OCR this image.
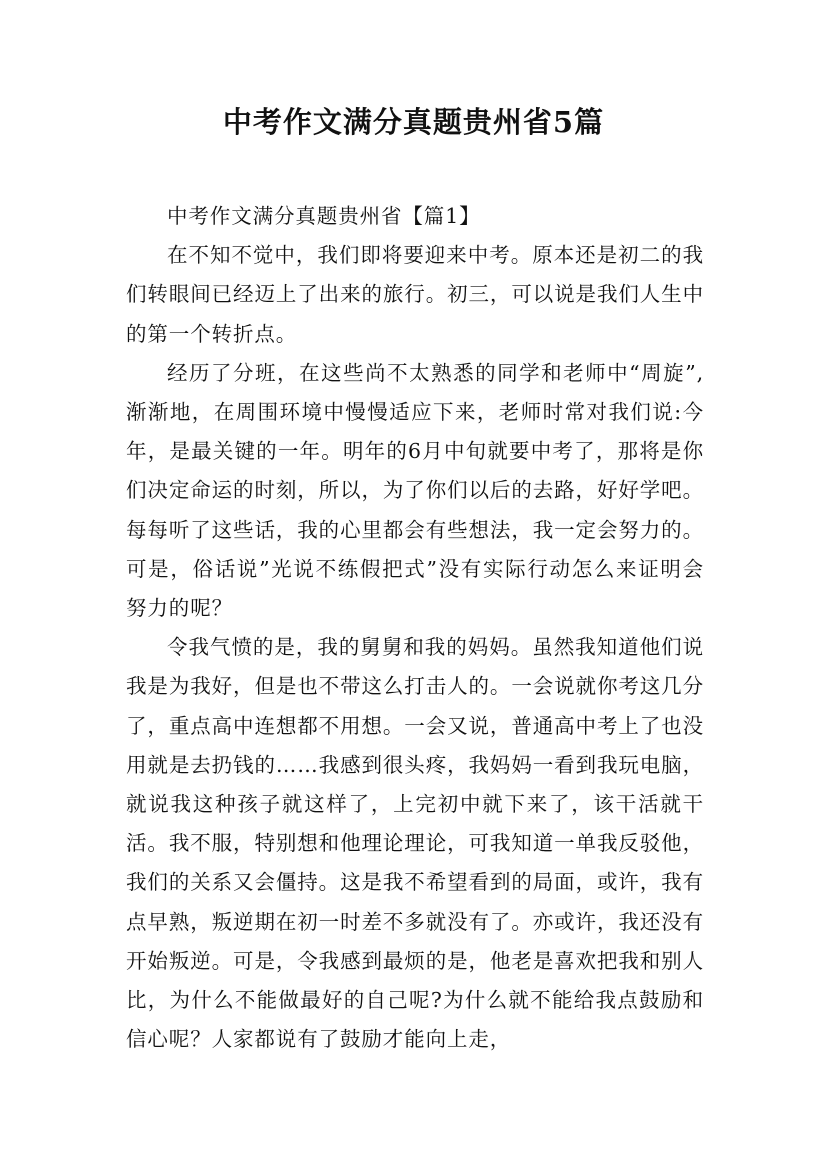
中考作文满分真题贵州省5篇

中考作文满分真题贵州省【篇1】

在不知不觉中，我们即将要迎来中考。原本还是初二的我们转眼间已经迈上了出来的旅行。初三，可以说是我们人生中的第一个转折点。

经历了分班，在这些尚不太熟悉的同学和老师中“周旋”,渐渐地，在周围环境中慢慢适应下来，老师时常对我们说:今年，是最关键的一年。明年的6月中旬就要中考了，那将是你们决定命运的时刻，所以，为了你们以后的去路，好好学吧。每每听了这些话，我的心里都会有些想法，我一定会努力的。可是，俗话说”光说不练假把式”没有实际行动怎么来证明会努力的呢？

令我气愤的是，我的舅舅和我的妈妈。虽然我知道他们说我是为我好，但是也不带这么打击人的。一会说就你考这几分了，重点高中连想都不用想。一会又说，普通高中考上了也没用就是去扔钱的……我感到很头疼，我妈妈一看到我玩电脑，就说我这种孩子就这样了，上完初中就下来了，该干活就干活。我不服，特别想和他理论理论，可我知道一单我反驳他，我们的关系又会僵持。这是我不希望看到的局面，或许，我有点早熟，叛逆期在初一时差不多就没有了。亦或许，我还没有开始叛逆。可是，令我感到最烦的是，他老是喜欢把我和别人比，为什么不能做最好的自己呢?为什么就不能给我点鼓励和信心呢？人家都说有了鼓励才能向上走，
